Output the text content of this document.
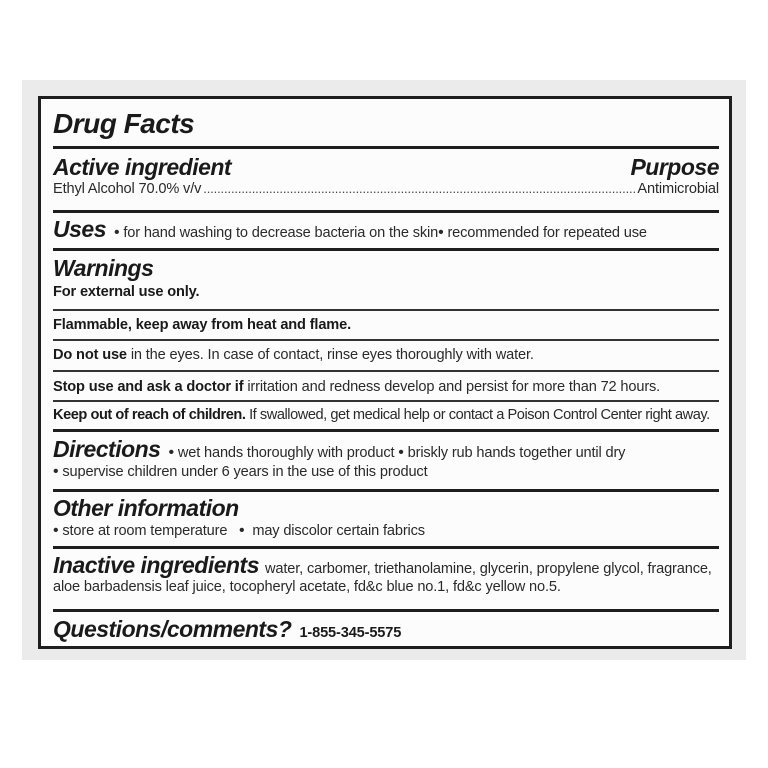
Drug Facts
Active ingredient	Purpose
Ethyl Alcohol 70.0% v/v
.....	Antimicrobial
Uses • for hand washing to decrease bacteria on the skin• recommended for repeated use
Warnings
For external use only.
Flammable, keep away from heat and flame.
Do not use in the eyes. In case of contact, rinse eyes thoroughly with water.
Stop use and ask a doctor if irritation and redness develop and persist for more than 72 hours.
Keep out of reach of children. If swallowed, get medical help or contact a Poison Control Center right away.
Directions • wet hands thoroughly with product • briskly rub hands together until dry
• supervise children under 6 years in the use of this product
Other information
• store at room temperature • may discolor certain fabrics
Inactive ingredients water, carbomer, triethanolamine, glycerin, propylene glycol, fragrance,
aloe barbadensis leaf juice, tocopheryl acetate, fd&c blue no.1, fd&c yellow no.5.
Questions/comments? 1-855-345-5575
